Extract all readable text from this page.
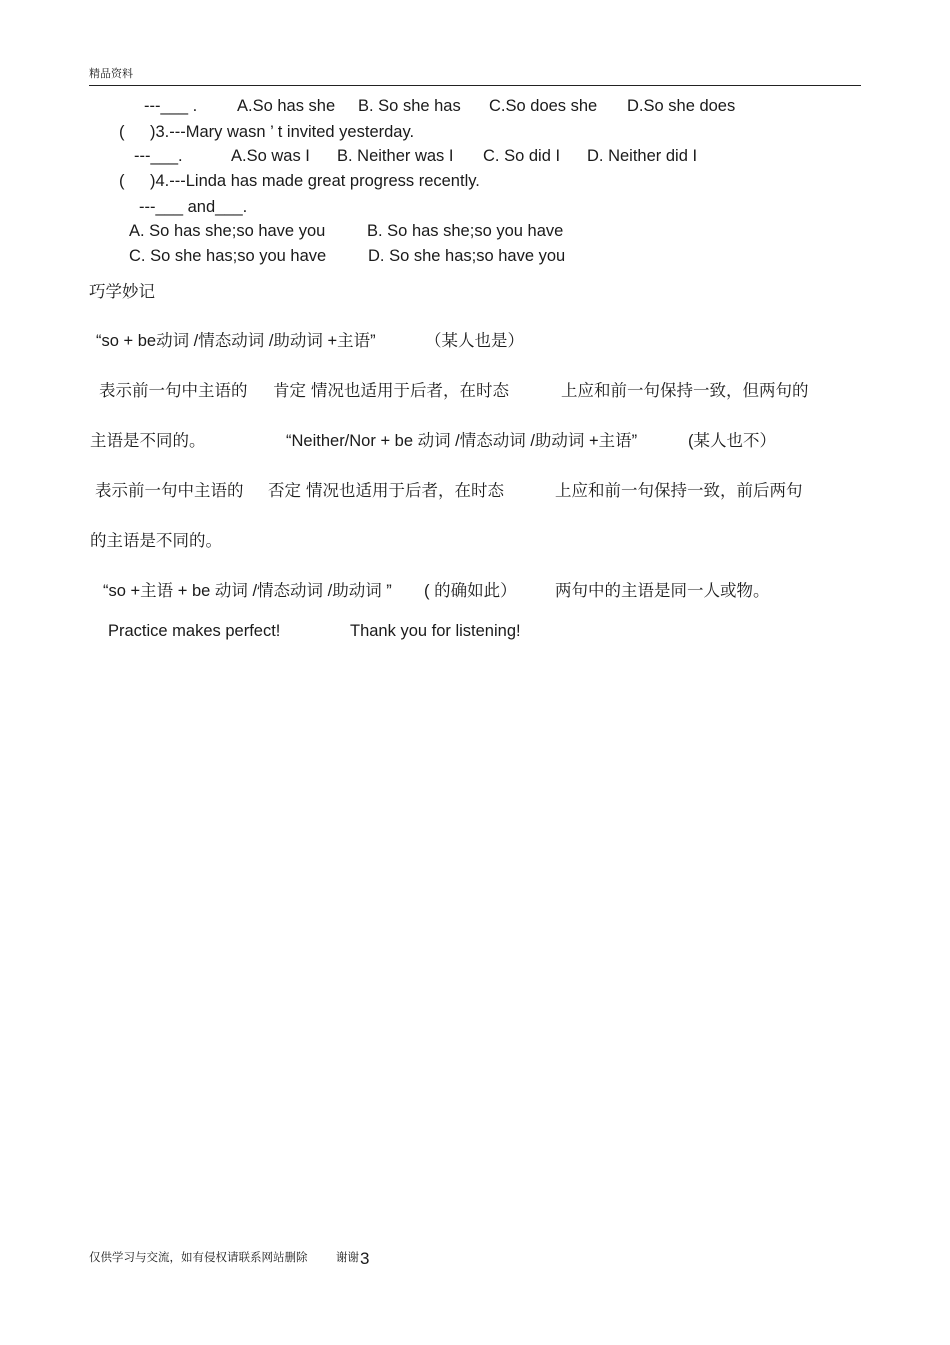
精品资料
---___ . A.So has she B. So she has C.So does she D.So she does
( )3.---Mary wasn ’ t invited yesterday.
---___.	A.So was I B. Neither was I C. So did I D. Neither did I
( )4.---Linda has made great progress recently.
---___ and___.
A. So has she;so have you	B. So has she;so you have
C. So she has;so you have	D. So she has;so have you
巧学妙记
“so + be动词 /情态动词 /助动词 +主语”	（某人也是）
表示前一句中主语的 肯定 情况也适用于后者，在时态	上应和前一句保持一致，但两句的
主语是不同的。	“Neither/Nor + be 动词 /情态动词 /助动词 +主语”	(某人也不）
表示前一句中主语的 否定 情况也适用于后者，在时态	上应和前一句保持一致，前后两句
的主语是不同的。
“so +主语 + be 动词 /情态动词 /助动词 ” ( 的确如此） 两句中的主语是同一人或物。
Practice makes perfect!	Thank you for listening!
仅供学习与交流，如有侵权请联系网站删除 谢谢 3
